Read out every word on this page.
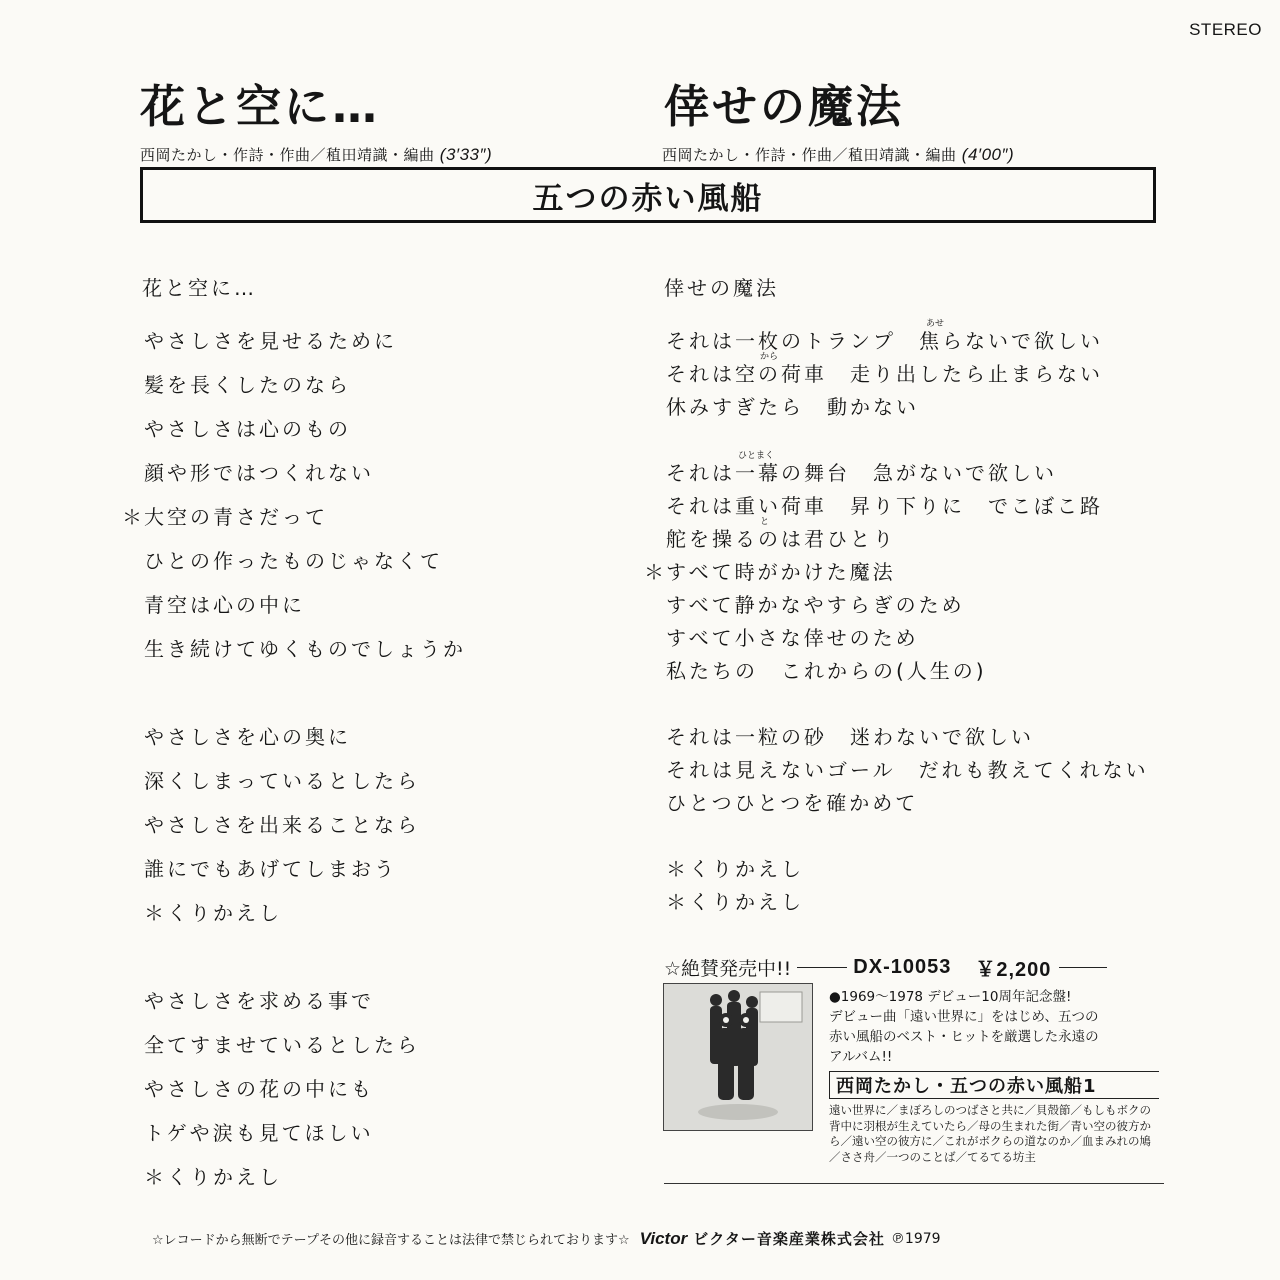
STEREO
花と空に…	倖せの魔法
西岡たかし・作詩・作曲／稙田靖識・編曲 (3′33″)	西岡たかし・作詩・作曲／稙田靖識・編曲 (4′00″)
五つの赤い風船
花と空に…
やさしさを見せるために
髪を長くしたのなら
やさしさは心のもの
顔や形ではつくれない
＊ 大空の青さだって
ひとの作ったものじゃなくて
青空は心の中に
生き続けてゆくものでしょうか
やさしさを心の奥に
深くしまっているとしたら
やさしさを出来ることなら
誰にでもあげてしまおう
＊くりかえし
やさしさを求める事で
全てすませているとしたら
やさしさの花の中にも
トゲや涙も見てほしい
＊くりかえし
倖せの魔法
あせ
それは一枚のトランプ　焦らないで欲しい
から
それは空の荷車　走り出したら止まらない
休みすぎたら　動かない
ひとまく
それは一幕の舞台　急がないで欲しい
それは重い荷車　昇り下りに　でこぼこ路
と
舵を操るのは君ひとり
＊ すべて時がかけた魔法
すべて静かなやすらぎのため
すべて小さな倖せのため
私たちの　これからの(人生の)
それは一粒の砂　迷わないで欲しい
それは見えないゴール　だれも教えてくれない
ひとつひとつを確かめて
＊くりかえし
＊くりかえし
☆絶賛発売中!!	DX-10053 ￥2,200
●1969～1978 デビュー10周年記念盤!
デビュー曲「遠い世界に」をはじめ、五つの
赤い風船のベスト・ヒットを厳選した永遠の
アルバム!!
西岡たかし・五つの赤い風船1
遠い世界に／まぼろしのつばさと共に／貝殻節／もしもボクの背中に羽根が生えていたら／母の生まれた街／青い空の彼方から／遠い空の彼方に／これがボクらの道なのか／血まみれの鳩／ささ舟／一つのことば／てるてる坊主
☆レコードから無断でテープその他に録音することは法律で禁じられております☆ Victor ビクター音楽産業株式会社 ℗1979
